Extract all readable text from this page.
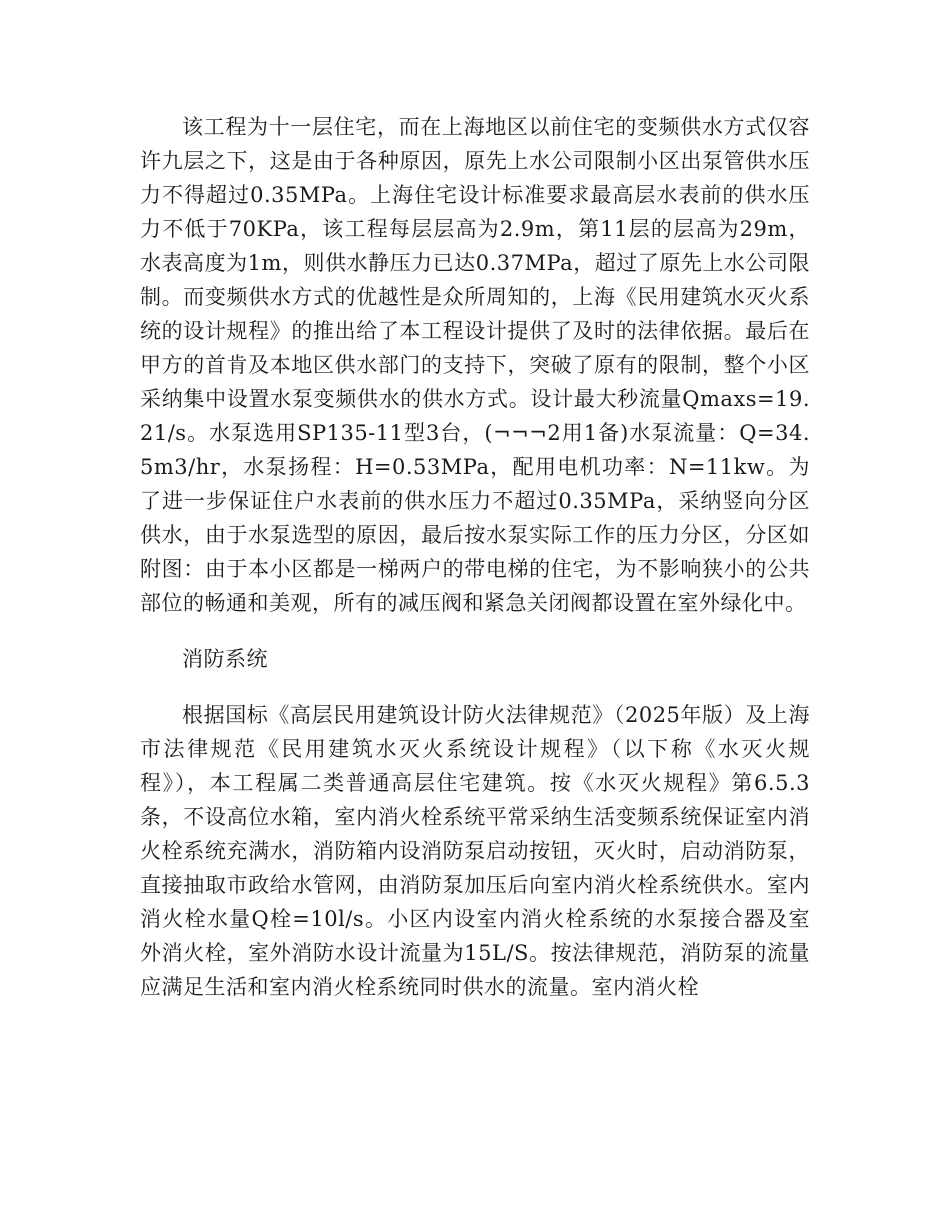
该工程为十一层住宅，而在上海地区以前住宅的变频供水方式仅容许九层之下，这是由于各种原因，原先上水公司限制小区出泵管供水压力不得超过0.35MPa。上海住宅设计标准要求最高层水表前的供水压力不低于70KPa，该工程每层层高为2.9m，第11层的层高为29m，水表高度为1m，则供水静压力已达0.37MPa，超过了原先上水公司限制。而变频供水方式的优越性是众所周知的，上海《民用建筑水灭火系统的设计规程》的推出给了本工程设计提供了及时的法律依据。最后在甲方的首肯及本地区供水部门的支持下，突破了原有的限制，整个小区采纳集中设置水泵变频供水的供水方式。设计最大秒流量Qmaxs=19.21/s。水泵选用SP135-11型3台，(¬¬¬2用1备)水泵流量：Q=34.5m3/hr，水泵扬程：H=0.53MPa，配用电机功率：N=11kw。为了进一步保证住户水表前的供水压力不超过0.35MPa，采纳竖向分区供水，由于水泵选型的原因，最后按水泵实际工作的压力分区，分区如附图：由于本小区都是一梯两户的带电梯的住宅，为不影响狭小的公共部位的畅通和美观，所有的减压阀和紧急关闭阀都设置在室外绿化中。

消防系统

根据国标《高层民用建筑设计防火法律规范》（2025年版）及上海市法律规范《民用建筑水灭火系统设计规程》（以下称《水灭火规程》），本工程属二类普通高层住宅建筑。按《水灭火规程》第6.5.3条，不设高位水箱，室内消火栓系统平常采纳生活变频系统保证室内消火栓系统充满水，消防箱内设消防泵启动按钮，灭火时，启动消防泵，直接抽取市政给水管网，由消防泵加压后向室内消火栓系统供水。室内消火栓水量Q栓=10l/s。小区内设室内消火栓系统的水泵接合器及室外消火栓，室外消防水设计流量为15L/S。按法律规范，消防泵的流量应满足生活和室内消火栓系统同时供水的流量。室内消火栓
